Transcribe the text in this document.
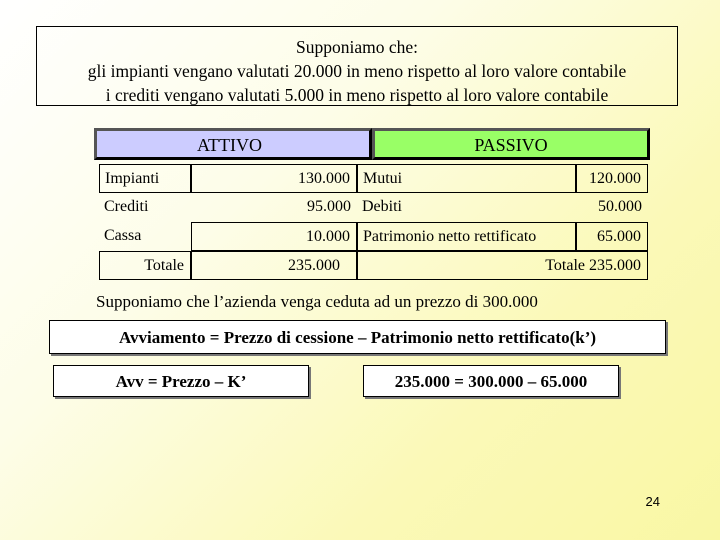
Supponiamo che:
gli impianti vengano valutati 20.000 in meno rispetto al loro valore contabile
i crediti vengano valutati 5.000 in meno rispetto al loro valore contabile
ATTIVO	PASSIVO
Impianti
Crediti
Cassa
Totale
130.000
95.000
10.000
235.000
Mutui
Debiti
Patrimonio netto rettificato
120.000
50.000
65.000
Totale 235.000
Supponiamo che l’azienda venga ceduta ad un prezzo di 300.000
Avviamento = Prezzo di cessione – Patrimonio netto rettificato(k’)
Avv = Prezzo – K’	235.000 = 300.000 – 65.000
24
